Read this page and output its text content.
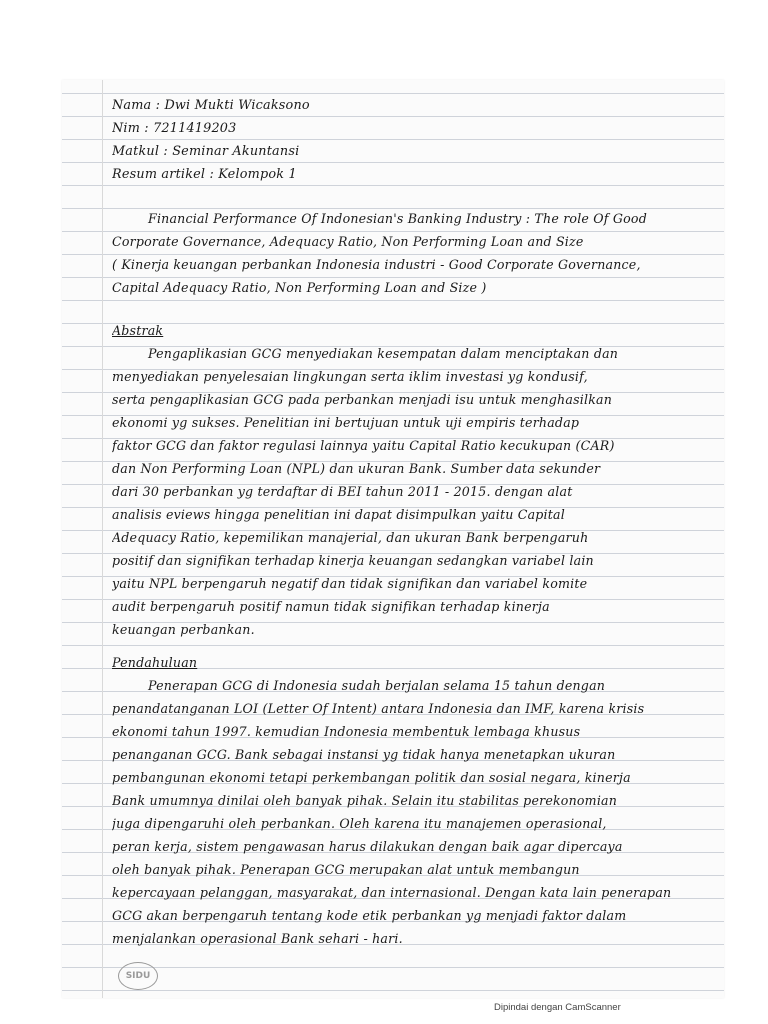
Nama : Dwi Mukti Wicaksono
Nim : 7211419203
Matkul : Seminar Akuntansi
Resum artikel : Kelompok 1
Financial Performance Of Indonesian's Banking Industry : The role Of Good
Corporate Governance, Adequacy Ratio, Non Performing Loan and Size
( Kinerja keuangan perbankan Indonesia industri - Good Corporate Governance,
Capital Adequacy Ratio, Non Performing Loan and Size )
Abstrak
Pengaplikasian GCG menyediakan kesempatan dalam menciptakan dan
menyediakan penyelesaian lingkungan serta iklim investasi yg kondusif,
serta pengaplikasian GCG pada perbankan menjadi isu untuk menghasilkan
ekonomi yg sukses. Penelitian ini bertujuan untuk uji empiris terhadap
faktor GCG dan faktor regulasi lainnya yaitu Capital Ratio kecukupan (CAR)
dan Non Performing Loan (NPL) dan ukuran Bank. Sumber data sekunder
dari 30 perbankan yg terdaftar di BEI tahun 2011 - 2015. dengan alat
analisis eviews hingga penelitian ini dapat disimpulkan yaitu Capital
Adequacy Ratio, kepemilikan manajerial, dan ukuran Bank berpengaruh
positif dan signifikan terhadap kinerja keuangan sedangkan variabel lain
yaitu NPL berpengaruh negatif dan tidak signifikan dan variabel komite
audit berpengaruh positif namun tidak signifikan terhadap kinerja
keuangan perbankan.
Pendahuluan
Penerapan GCG di Indonesia sudah berjalan selama 15 tahun dengan
penandatanganan LOI (Letter Of Intent) antara Indonesia dan IMF, karena krisis
ekonomi tahun 1997. kemudian Indonesia membentuk lembaga khusus
penanganan GCG. Bank sebagai instansi yg tidak hanya menetapkan ukuran
pembangunan ekonomi tetapi perkembangan politik dan sosial negara, kinerja
Bank umumnya dinilai oleh banyak pihak. Selain itu stabilitas perekonomian
juga dipengaruhi oleh perbankan. Oleh karena itu manajemen operasional,
peran kerja, sistem pengawasan harus dilakukan dengan baik agar dipercaya
oleh banyak pihak. Penerapan GCG merupakan alat untuk membangun
kepercayaan pelanggan, masyarakat, dan internasional. Dengan kata lain penerapan
GCG akan berpengaruh tentang kode etik perbankan yg menjadi faktor dalam
menjalankan operasional Bank sehari - hari.
SIDU
Dipindai dengan CamScanner
